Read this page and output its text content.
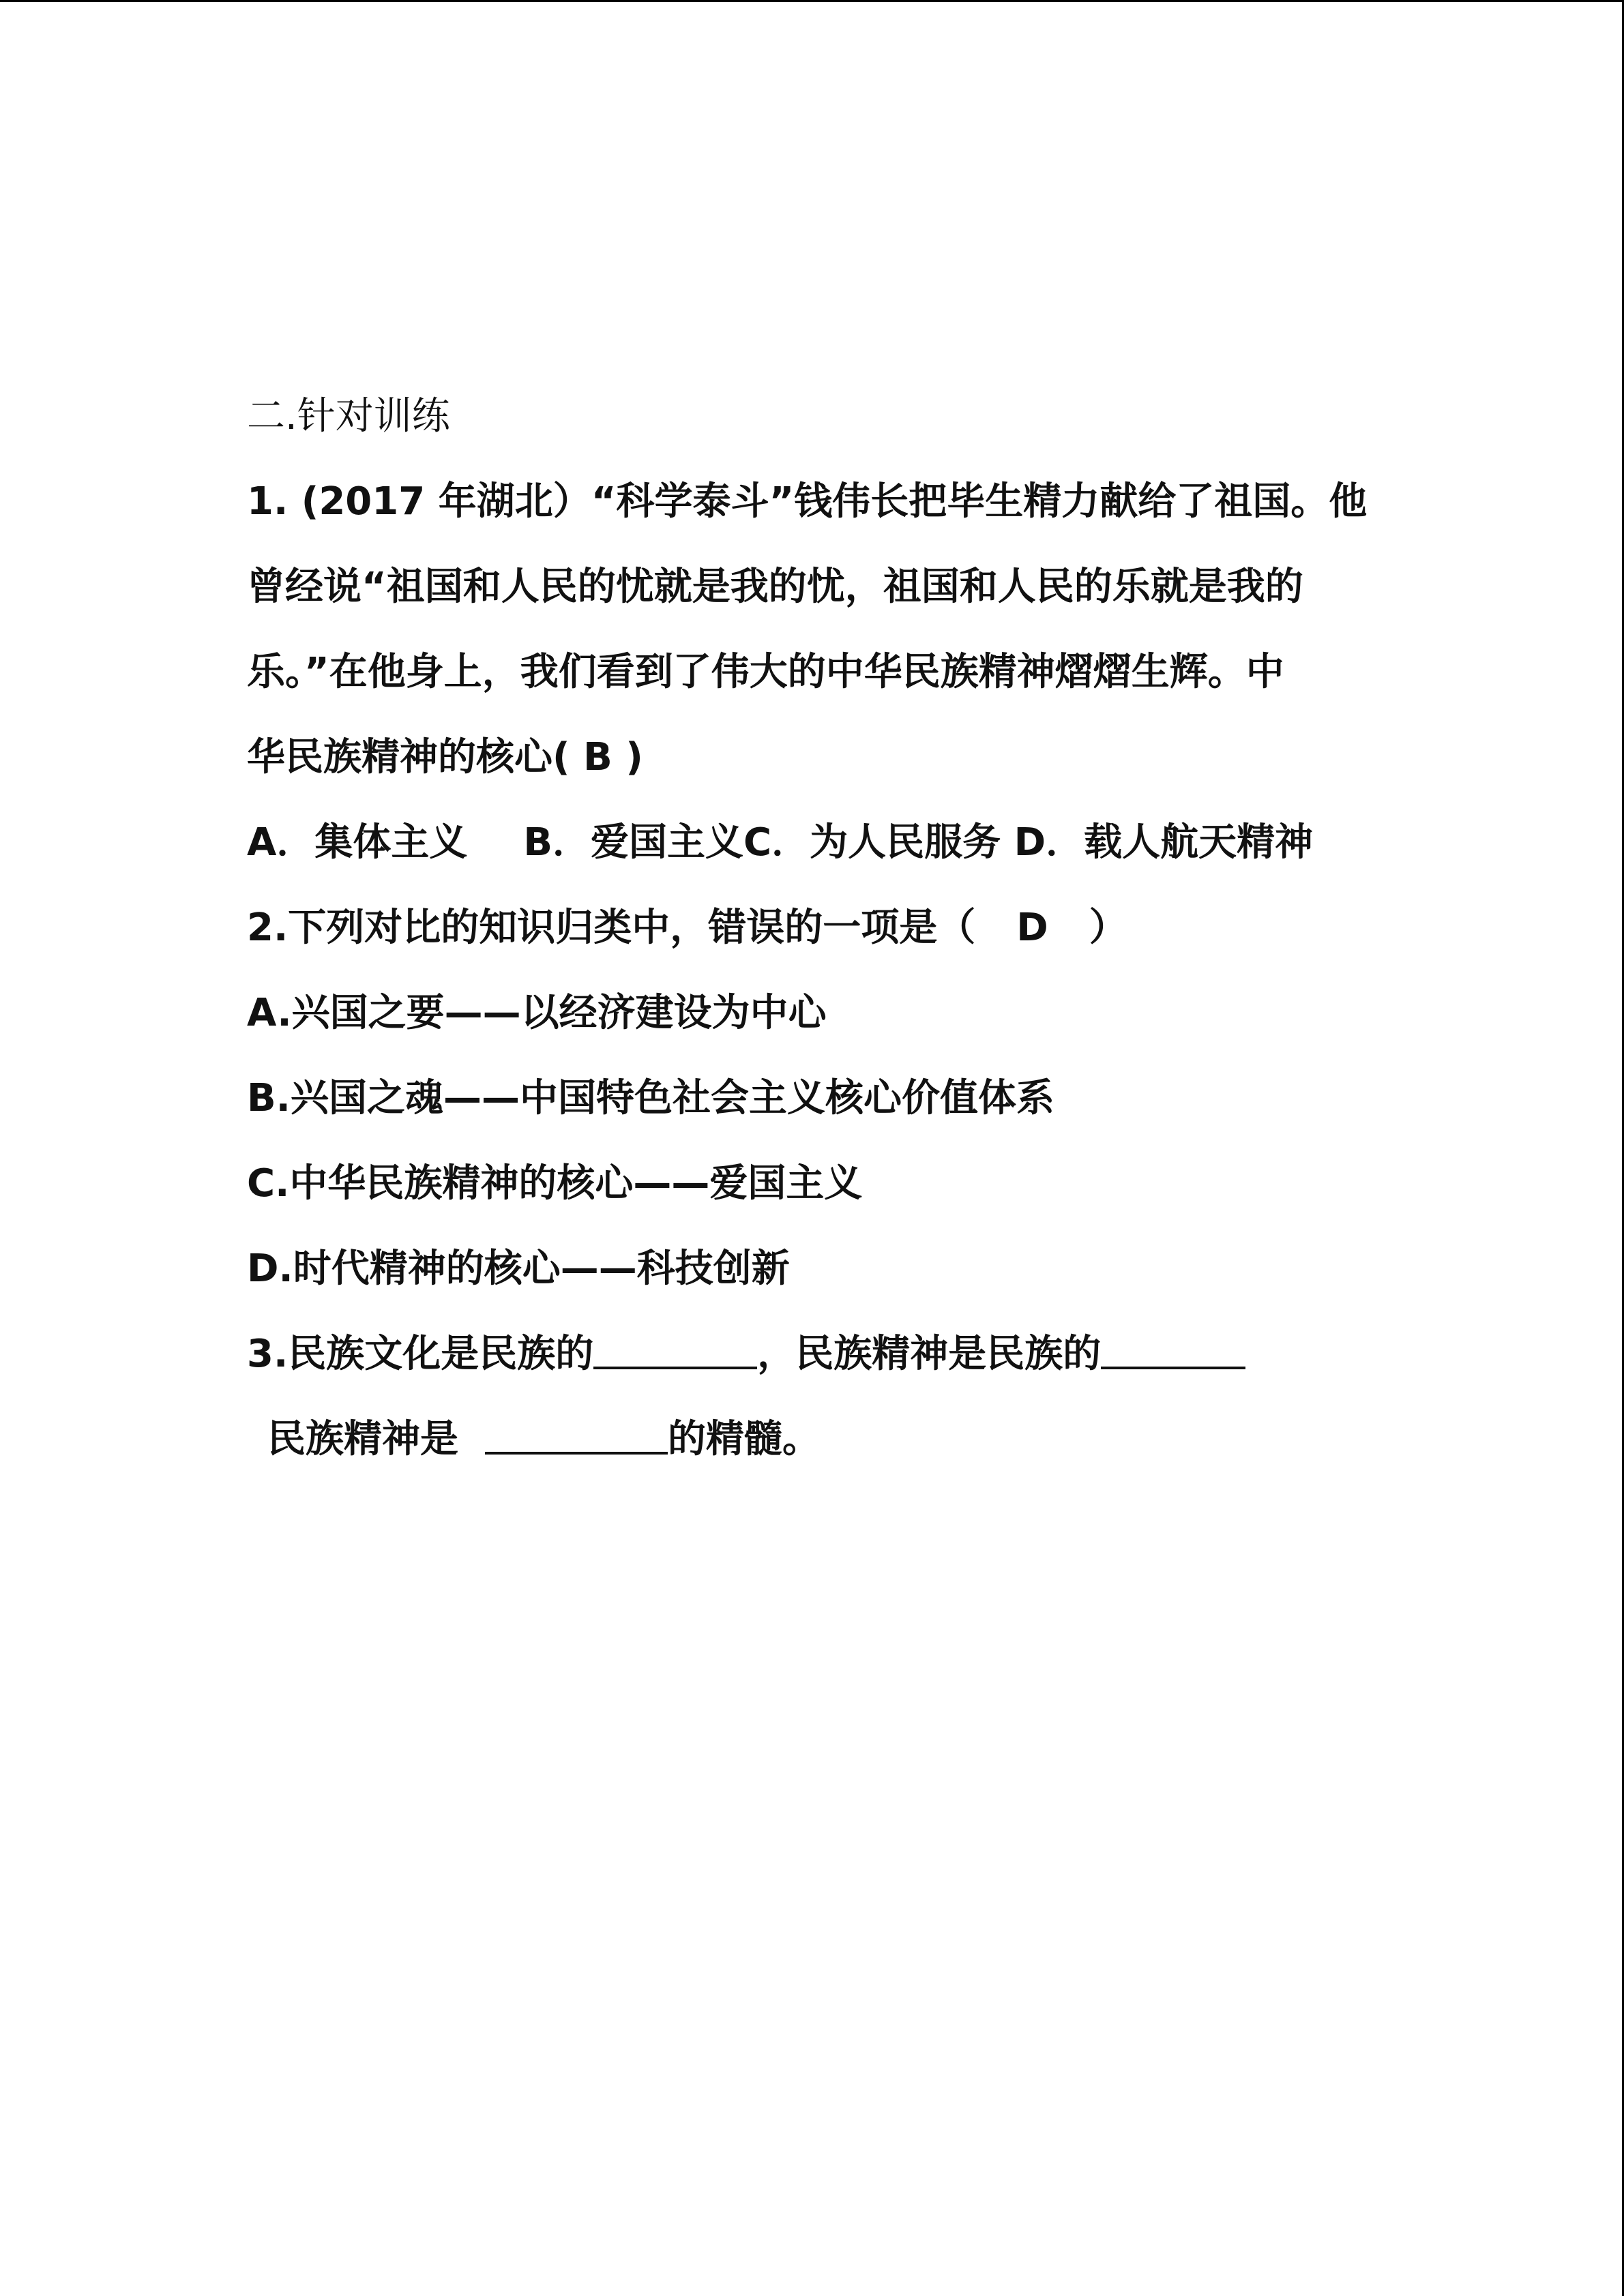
二.针对训练
1. (2017 年湖北）“科学泰斗”钱伟长把毕生精力献给了祖国。他
曾经说“祖国和人民的忧就是我的忧，祖国和人民的乐就是我的
乐。”在他身上，我们看到了伟大的中华民族精神熠熠生辉。中
华民族精神的核心( B )
A．集体主义 B．爱国主义C．为人民服务 D．载人航天精神
2.下列对比的知识归类中，错误的一项是（ D ）
A.兴国之要——以经济建设为中心
B.兴国之魂——中国特色社会主义核心价值体系
C.中华民族精神的核心——爱国主义
D.时代精神的核心——科技创新
3.民族文化是民族的	，民族精神是民族的
民族精神是	的精髓。
